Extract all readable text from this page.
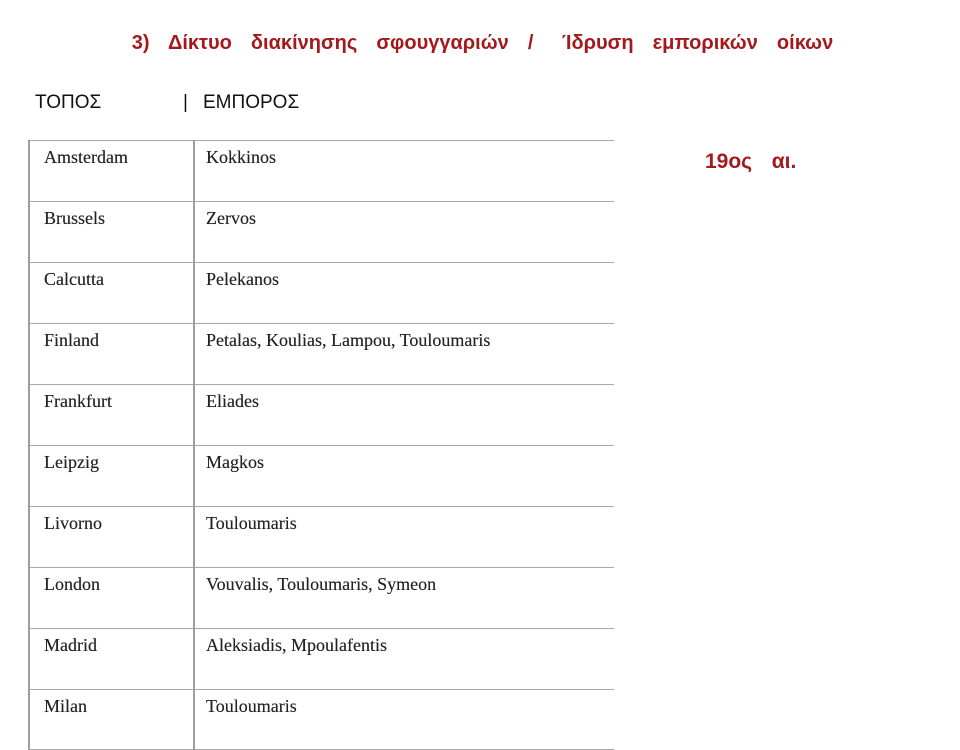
3)  Δίκτυο  διακίνησης  σφουγγαριών  /   Ίδρυση  εμπορικών  οίκων
ΤΟΠΟΣ	| ΕΜΠΟΡΟΣ
19ος  αι.
Amsterdam	Kokkinos
Brussels	Zervos
Calcutta	Pelekanos
Finland	Petalas, Koulias, Lampou, Touloumaris
Frankfurt	Eliades
Leipzig	Magkos
Livorno	Touloumaris
London	Vouvalis, Touloumaris, Symeon
Madrid	Aleksiadis, Mpoulafentis
Milan	Touloumaris
